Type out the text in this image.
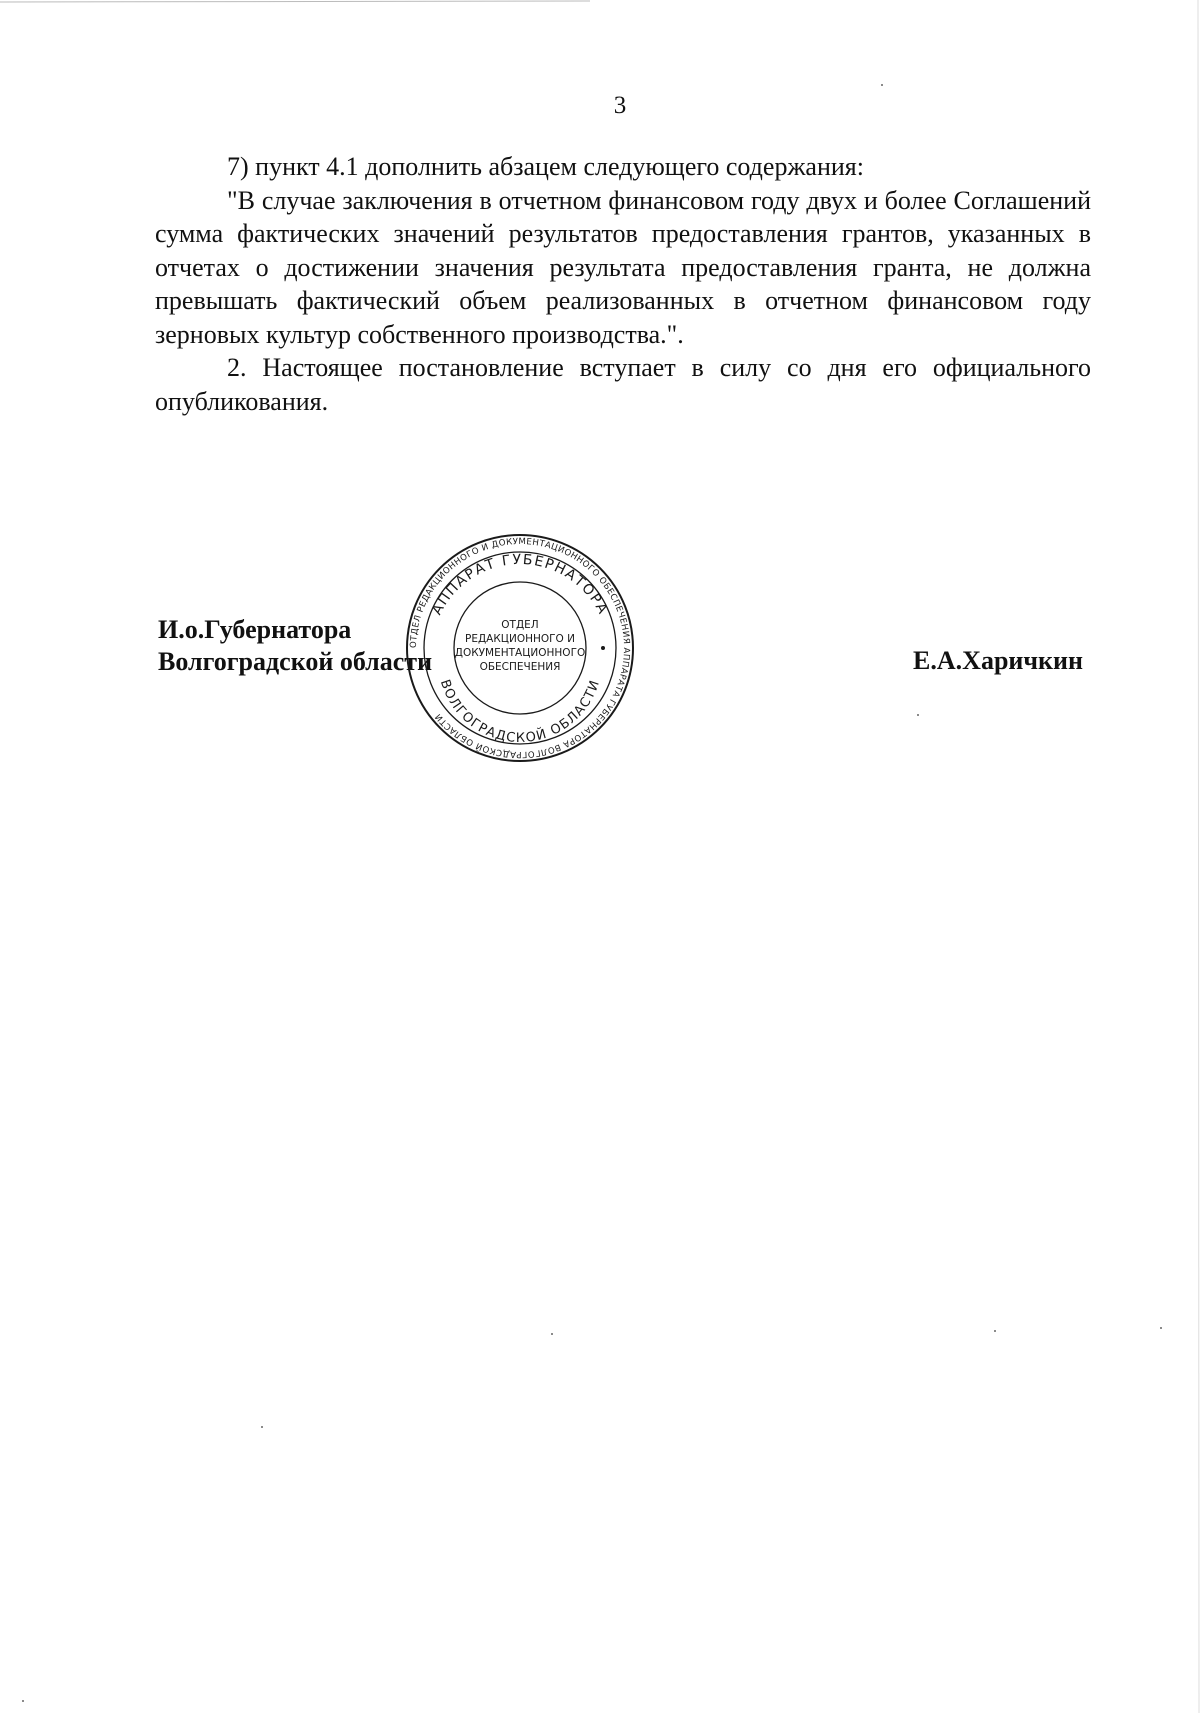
3

7) пункт 4.1 дополнить абзацем следующего содержания:

"В случае заключения в отчетном финансовом году двух и более Соглашений сумма фактических значений результатов предоставления грантов, указанных в отчетах о достижении значения результата предоставления гранта, не должна превышать фактический объем реализованных в отчетном финансовом году зерновых культур собственного производства.".

2. Настоящее постановление вступает в силу со дня его официального опубликования.

И.о.Губернатора
Волгоградской области	Е.А.Харичкин
ОТДЕЛ РЕДАКЦИОННОГО И ДОКУМЕНТАЦИОННОГО ОБЕСПЕЧЕНИЯ АППАРАТА ГУБЕРНАТОРА ВОЛГОГРАДСКОЙ ОБЛАСТИ
АППАРАТ ГУБЕРНАТОРА
ВОЛГОГРАДСКОЙ ОБЛАСТИ
ОТДЕЛ
РЕДАКЦИОННОГО И
ДОКУМЕНТАЦИОННОГО
ОБЕСПЕЧЕНИЯ
